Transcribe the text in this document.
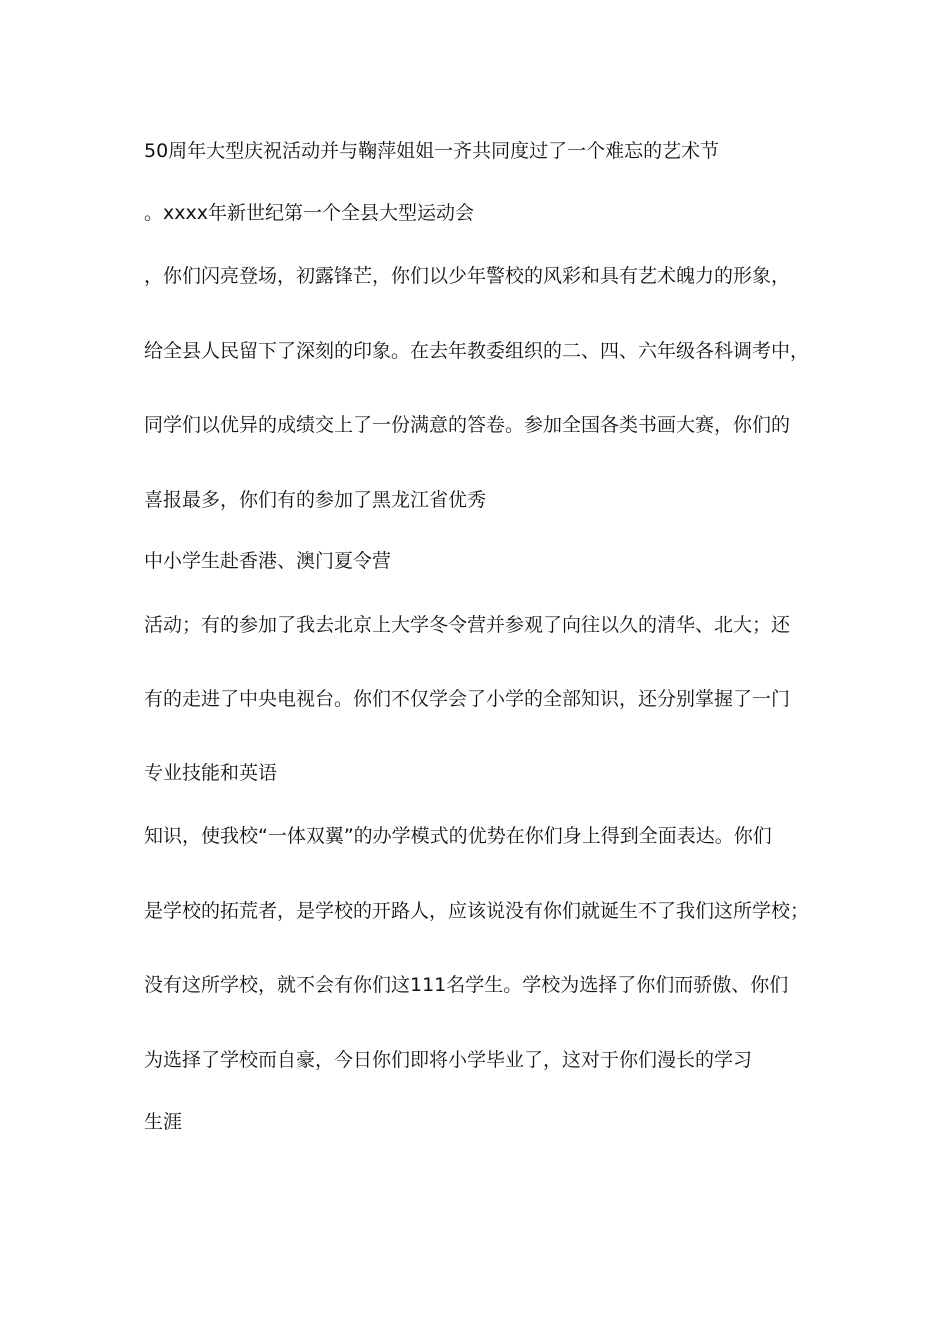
50周年大型庆祝活动并与鞠萍姐姐一齐共同度过了一个难忘的艺术节
。xxxx年新世纪第一个全县大型运动会
，你们闪亮登场，初露锋芒，你们以少年警校的风彩和具有艺术魄力的形象，
给全县人民留下了深刻的印象。在去年教委组织的二、四、六年级各科调考中，
同学们以优异的成绩交上了一份满意的答卷。参加全国各类书画大赛，你们的
喜报最多，你们有的参加了黑龙江省优秀
中小学生赴香港、澳门夏令营
活动；有的参加了我去北京上大学冬令营并参观了向往以久的清华、北大；还
有的走进了中央电视台。你们不仅学会了小学的全部知识，还分别掌握了一门
专业技能和英语
知识，使我校“一体双翼”的办学模式的优势在你们身上得到全面表达。你们
是学校的拓荒者，是学校的开路人，应该说没有你们就诞生不了我们这所学校；
没有这所学校，就不会有你们这111名学生。学校为选择了你们而骄傲、你们
为选择了学校而自豪，今日你们即将小学毕业了，这对于你们漫长的学习
生涯
